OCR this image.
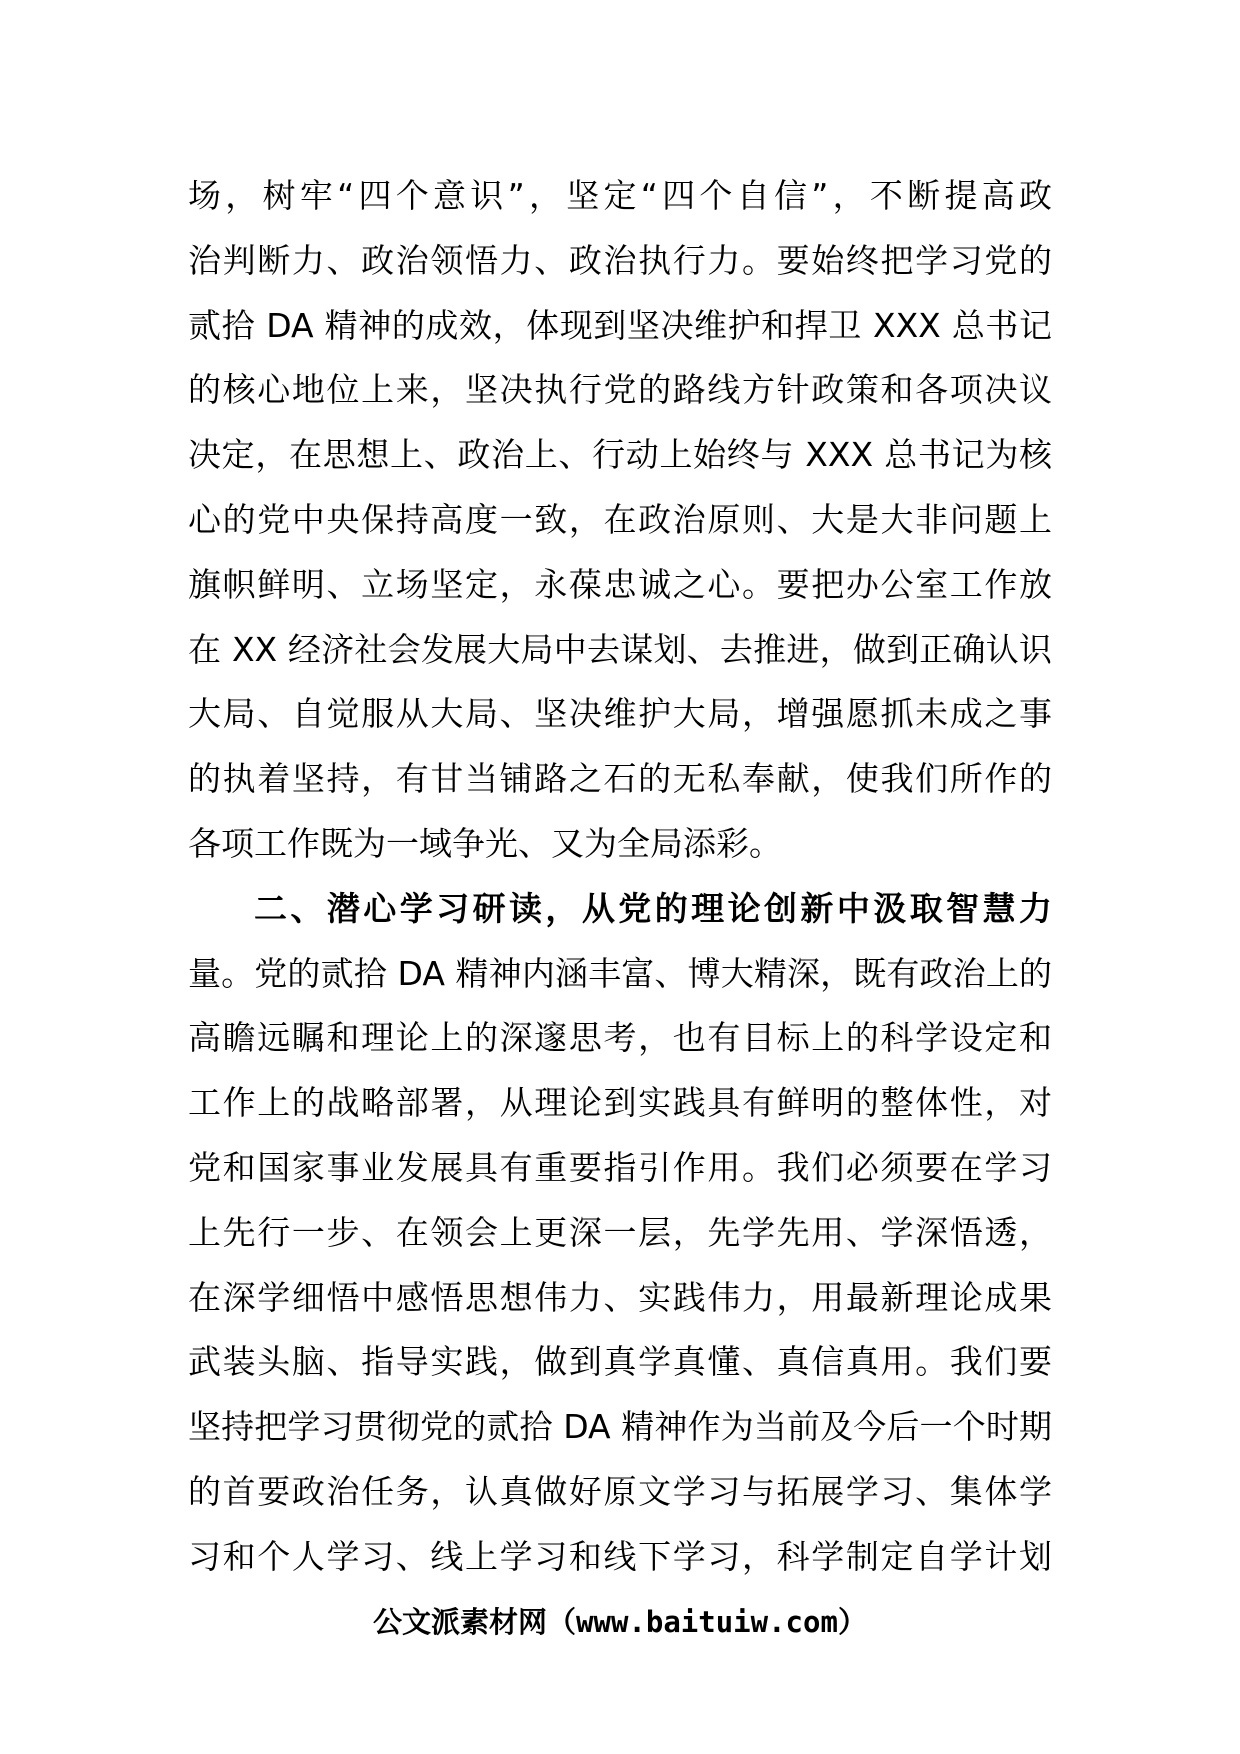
场，树牢“四个意识”，坚定“四个自信”，不断提高政
治判断力、政治领悟力、政治执行力。要始终把学习党的
贰拾 DA 精神的成效，体现到坚决维护和捍卫 XXX 总书记
的核心地位上来，坚决执行党的路线方针政策和各项决议
决定，在思想上、政治上、行动上始终与 XXX 总书记为核
心的党中央保持高度一致，在政治原则、大是大非问题上
旗帜鲜明、立场坚定，永葆忠诚之心。要把办公室工作放
在 XX 经济社会发展大局中去谋划、去推进，做到正确认识
大局、自觉服从大局、坚决维护大局，增强愿抓未成之事
的执着坚持，有甘当铺路之石的无私奉献，使我们所作的
各项工作既为一域争光、又为全局添彩。
二、潜心学习研读，从党的理论创新中汲取智慧力
量。党的贰拾 DA 精神内涵丰富、博大精深，既有政治上的
高瞻远瞩和理论上的深邃思考，也有目标上的科学设定和
工作上的战略部署，从理论到实践具有鲜明的整体性，对
党和国家事业发展具有重要指引作用。我们必须要在学习
上先行一步、在领会上更深一层，先学先用、学深悟透，
在深学细悟中感悟思想伟力、实践伟力，用最新理论成果
武装头脑、指导实践，做到真学真懂、真信真用。我们要
坚持把学习贯彻党的贰拾 DA 精神作为当前及今后一个时期
的首要政治任务，认真做好原文学习与拓展学习、集体学
习和个人学习、线上学习和线下学习，科学制定自学计划
公文派素材网（www.baituiw.com）
